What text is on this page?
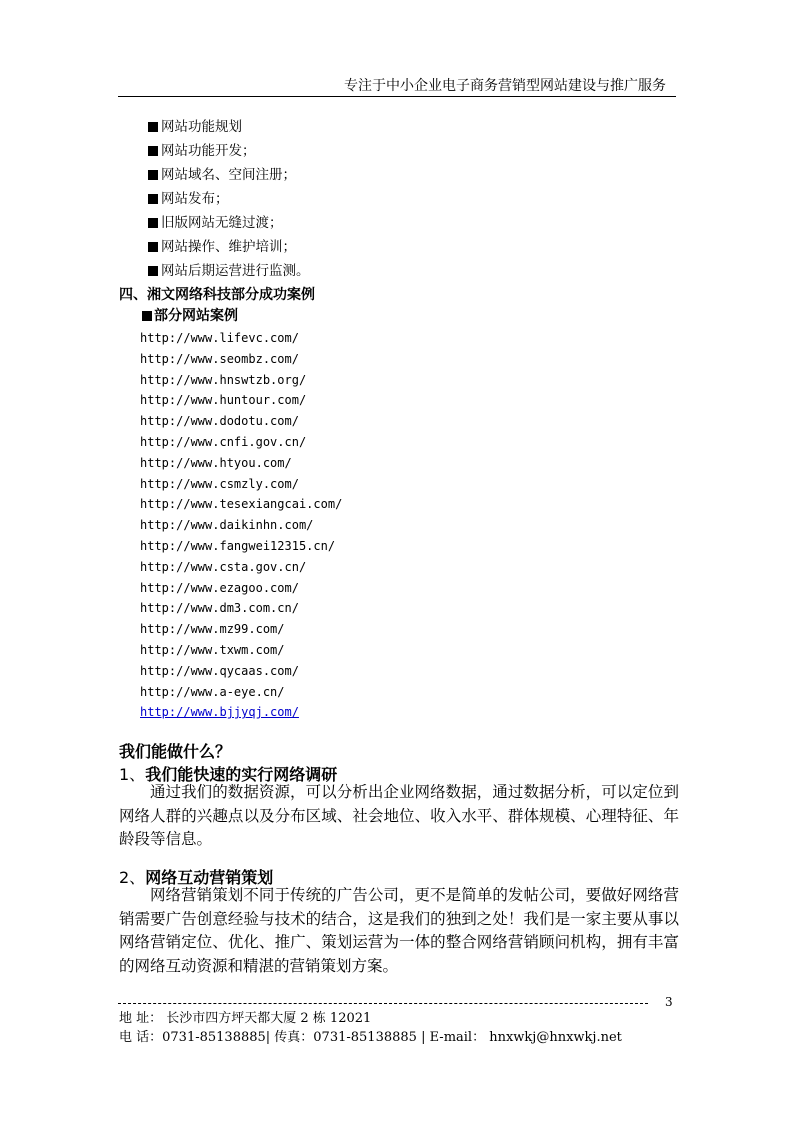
专注于中小企业电子商务营销型网站建设与推广服务
网站功能规划
网站功能开发；
网站域名、空间注册；
网站发布；
旧版网站无缝过渡；
网站操作、维护培训；
网站后期运营进行监测。
四、湘文网络科技部分成功案例
部分网站案例
http://www.lifevc.com/
http://www.seombz.com/
http://www.hnswtzb.org/
http://www.huntour.com/
http://www.dodotu.com/
http://www.cnfi.gov.cn/
http://www.htyou.com/
http://www.csmzly.com/
http://www.tesexiangcai.com/
http://www.daikinhn.com/
http://www.fangwei12315.cn/
http://www.csta.gov.cn/
http://www.ezagoo.com/
http://www.dm3.com.cn/
http://www.mz99.com/
http://www.txwm.com/
http://www.qycaas.com/
http://www.a-eye.cn/
http://www.bjjyqj.com/
我们能做什么？
1、我们能快速的实行网络调研

通过我们的数据资源，可以分析出企业网络数据，通过数据分析，可以定位到网络人群的兴趣点以及分布区域、社会地位、收入水平、群体规模、心理特征、年龄段等信息。

2、网络互动营销策划

网络营销策划不同于传统的广告公司，更不是简单的发帖公司，要做好网络营销需要广告创意经验与技术的结合，这是我们的独到之处！我们是一家主要从事以网络营销定位、优化、推广、策划运营为一体的整合网络营销顾问机构，拥有丰富的网络互动资源和精湛的营销策划方案。

3
地 址： 长沙市四方坪天都大厦 2 栋 12021
电 话：0731-85138885| 传真：0731-85138885 | E-mail： hnxwkj@hnxwkj.net
